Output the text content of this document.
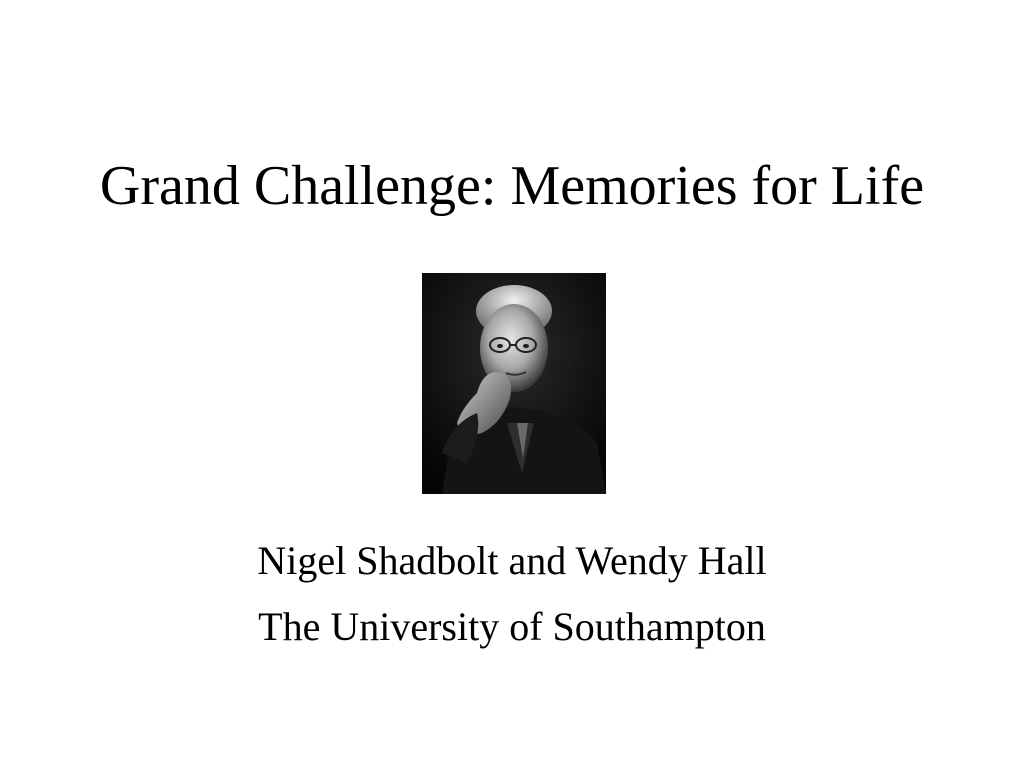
Grand Challenge: Memories for Life

Nigel Shadbolt and Wendy Hall

The University of Southampton
